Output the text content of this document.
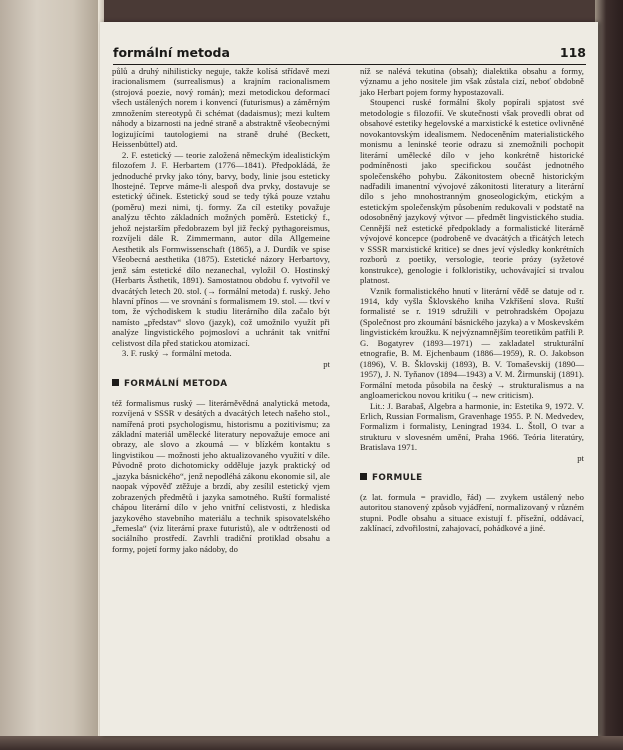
formální metoda	118

půlů a druhý nihilisticky neguje, takže kolísá střídavě mezi iracionalismem (surrealismus) a krajním racionalismem (strojová poezie, nový román); mezi metodickou deformací všech ustálených norem i konvencí (futurismus) a záměrným zmnožením stereotypů či schémat (dadaismus); mezi kultem náhody a bizarnosti na jedné straně a abstraktně všeobecnými logizujícími tautologiemi na straně druhé (Beckett, Heissenbüttel) atd.

2. F. estetický — teorie založená německým idealistickým filozofem J. F. Herbartem (1776—1841). Předpokládá, že jednoduché prvky jako tóny, barvy, body, linie jsou esteticky lhostejné. Teprve máme-li alespoň dva prvky, dostavuje se estetický účinek. Estetický soud se tedy týká pouze vztahu (poměru) mezi nimi, tj. formy. Za cíl estetiky považuje analýzu těchto základních možných poměrů. Estetický f., jehož nejstarším předobrazem byl již řecký pythagoreismus, rozvíjeli dále R. Zimmermann, autor díla Allgemeine Aesthetik als Formwissenschaft (1865), a J. Durdík ve spise Všeobecná aesthetika (1875). Estetické názory Herbartovy, jenž sám estetické dílo nezanechal, vyložil O. Hostinský (Herbarts Ästhetik, 1891). Samostatnou obdobu f. vytvořil ve dvacátých letech 20. stol. (→ formální metoda) f. ruský. Jeho hlavní přínos — ve srovnání s formalismem 19. stol. — tkví v tom, že východiskem k studiu literárního díla začalo být namísto „představ“ slovo (jazyk), což umožnilo využít při analýze lingvistického pojmosloví a uchránit tak vnitřní celistvost díla před statickou atomizací.

3. F. ruský → formální metoda.

pt

FORMÁLNÍ METODA

též formalismus ruský — literárněvědná analytická metoda, rozvíjená v SSSR v desátých a dvacátých letech našeho stol., namířená proti psychologismu, historismu a pozitivismu; za základní materiál umělecké literatury nepovažuje emoce ani obrazy, ale slovo a zkoumá — v blízkém kontaktu s lingvistikou — možnosti jeho aktualizovaného využití v díle. Původně proto dichotomicky odděluje jazyk praktický od „jazyka básnického“, jenž nepodléhá zákonu ekonomie sil, ale naopak výpověď ztěžuje a brzdí, aby zesílil estetický vjem zobrazených předmětů i jazyka samotného. Ruští formalisté chápou literární dílo v jeho vnitřní celistvosti, z hlediska jazykového stavebního materiálu a technik spisovatelského „řemesla“ (viz literární praxe futuristů), ale v odtrženosti od sociálního prostředí. Zavrhli tradiční protiklad obsahu a formy, pojetí formy jako nádoby, do

níž se nalévá tekutina (obsah); dialektika obsahu a formy, významu a jeho nositele jim však zůstala cizí, neboť obdobně jako Herbart pojem formy hypostazovali.

Stoupenci ruské formální školy popírali spjatost své metodologie s filozofií. Ve skutečnosti však provedli obrat od obsahové estetiky hegelovské a marxistické k estetice ovlivněné novokantovským idealismem. Nedoceněním materialistického monismu a leninské teorie odrazu si znemožnili pochopit literární umělecké dílo v jeho konkrétně historické podmíněnosti jako specifickou součást jednotného společenského pohybu. Zákonitostem obecně historickým nadřadili imanentní vývojové zákonitosti literatury a literární dílo s jeho mnohostranným gnoseologickým, etickým a estetickým společenským působením redukovali v podstatě na odosobněný jazykový výtvor — předmět lingvistického studia. Cennější než estetické předpoklady a formalistické literárně vývojové koncepce (podrobeně ve dvacátých a třicátých letech v SSSR marxistické kritice) se dnes jeví výsledky konkrétních rozborů z poetiky, versologie, teorie prózy (syžetové konstrukce), genologie i folkloristiky, uchovávající si trvalou platnost.

Vznik formalistického hnutí v literární vědě se datuje od r. 1914, kdy vyšla Šklovského kniha Vzkříšení slova. Ruští formalisté se r. 1919 sdružili v petrohradském Opojazu (Společnost pro zkoumání básnického jazyka) a v Moskevském lingvistickém kroužku. K nejvýznamnějším teoretikům patřili P. G. Bogatyrev (1893—1971) — zakladatel strukturální etnografie, B. M. Ejchenbaum (1886—1959), R. O. Jakobson (1896), V. B. Šklovskij (1893), B. V. Tomaševskij (1890—1957), J. N. Tyňanov (1894—1943) a V. M. Žirmunskij (1891). Formální metoda působila na český → strukturalismus a na angloamerickou novou kritiku (→ new criticism).

Lit.: J. Barabaš, Algebra a harmonie, in: Estetika 9, 1972. V. Erlich, Russian Formalism, Gravenhage 1955. P. N. Medvedev, Formalizm i formalisty, Leningrad 1934. L. Štoll, O tvar a strukturu v slovesném umění, Praha 1966. Teória literatúry, Bratislava 1971.

pt

FORMULE

(z lat. formula = pravidlo, řád) — zvykem ustálený nebo autoritou stanovený způsob vyjádření, normalizovaný v různém stupni. Podle obsahu a situace existují f. přísežní, oddávací, zaklínací, zdvořilostní, zahajovací, pohádkové a jiné.
